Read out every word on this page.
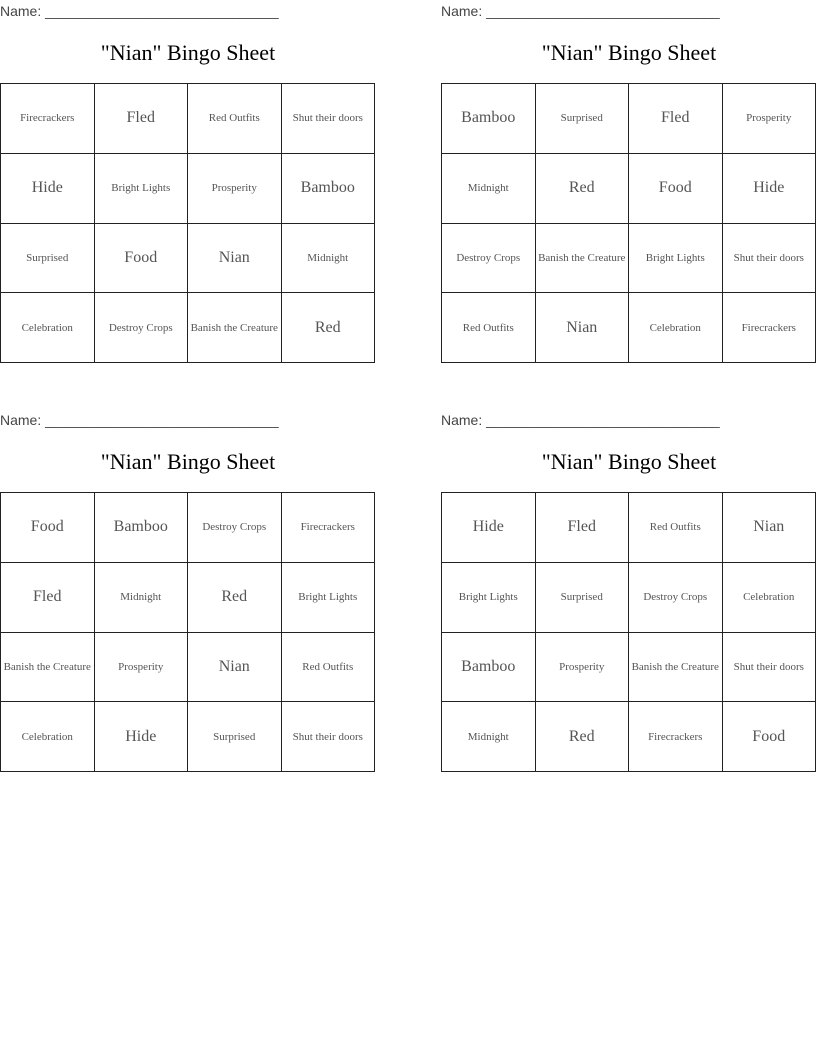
Name: ______________________________
"Nian" Bingo Sheet
Firecrackers	Fled	Red Outfits	Shut their doors
Hide	Bright Lights	Prosperity	Bamboo
Surprised	Food	Nian	Midnight
Celebration	Destroy Crops	Banish the Creature	Red
Name: ______________________________
"Nian" Bingo Sheet
Bamboo	Surprised	Fled	Prosperity
Midnight	Red	Food	Hide
Destroy Crops	Banish the Creature	Bright Lights	Shut their doors
Red Outfits	Nian	Celebration	Firecrackers
Name: ______________________________
"Nian" Bingo Sheet
Food	Bamboo	Destroy Crops	Firecrackers
Fled	Midnight	Red	Bright Lights
Banish the Creature	Prosperity	Nian	Red Outfits
Celebration	Hide	Surprised	Shut their doors
Name: ______________________________
"Nian" Bingo Sheet
Hide	Fled	Red Outfits	Nian
Bright Lights	Surprised	Destroy Crops	Celebration
Bamboo	Prosperity	Banish the Creature	Shut their doors
Midnight	Red	Firecrackers	Food
